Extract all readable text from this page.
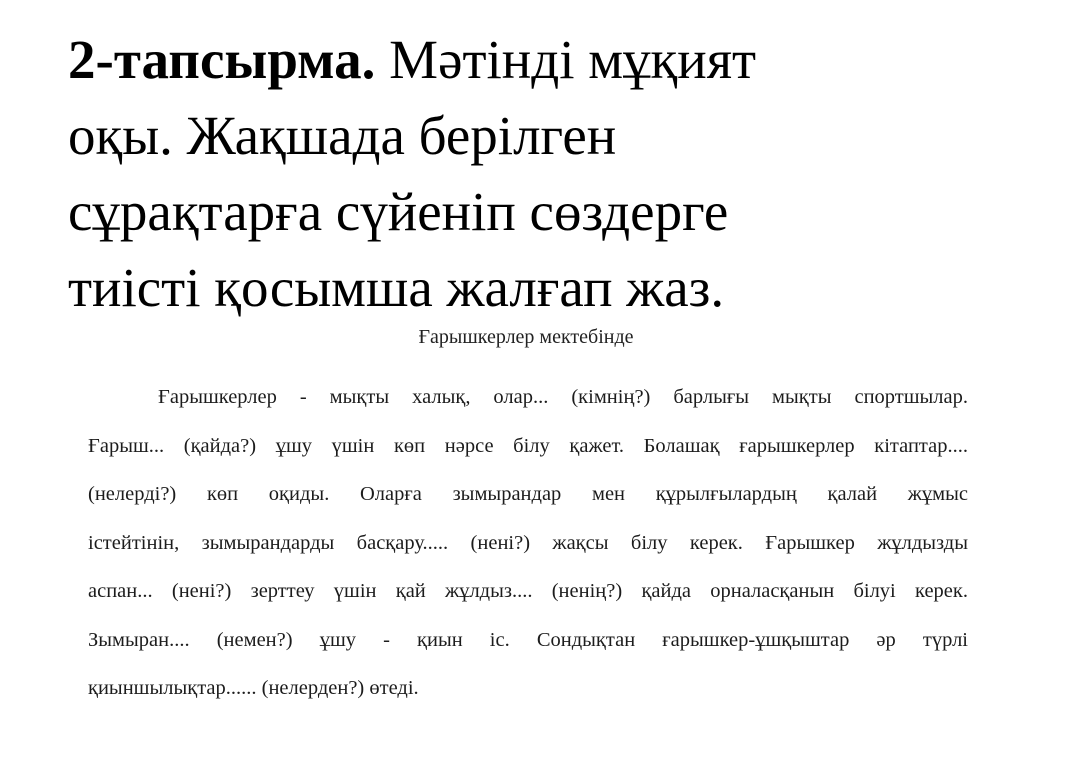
2-тапсырма. Мәтінді мұқият
оқы. Жақшада берілген
сұрақтарға сүйеніп сөздерге
тиісті қосымша жалғап жаз.
Ғарышкерлер мектебінде
Ғарышкерлер - мықты халық, олар... (кімнің?) барлығы мықты спортшылар.
Ғарыш... (қайда?) ұшу үшін көп нәрсе білу қажет. Болашақ ғарышкерлер кітаптар....
(нелерді?) көп оқиды. Оларға зымырандар мен құрылғылардың қалай жұмыс
істейтінін, зымырандарды басқару..... (нені?) жақсы білу керек. Ғарышкер жұлдызды
аспан... (нені?) зерттеу үшін қай жұлдыз.... (ненің?) қайда орналасқанын білуі керек.
Зымыран.... (немен?) ұшу - қиын іс. Сондықтан ғарышкер-ұшқыштар әр түрлі
қиыншылықтар...... (нелерден?) өтеді.
